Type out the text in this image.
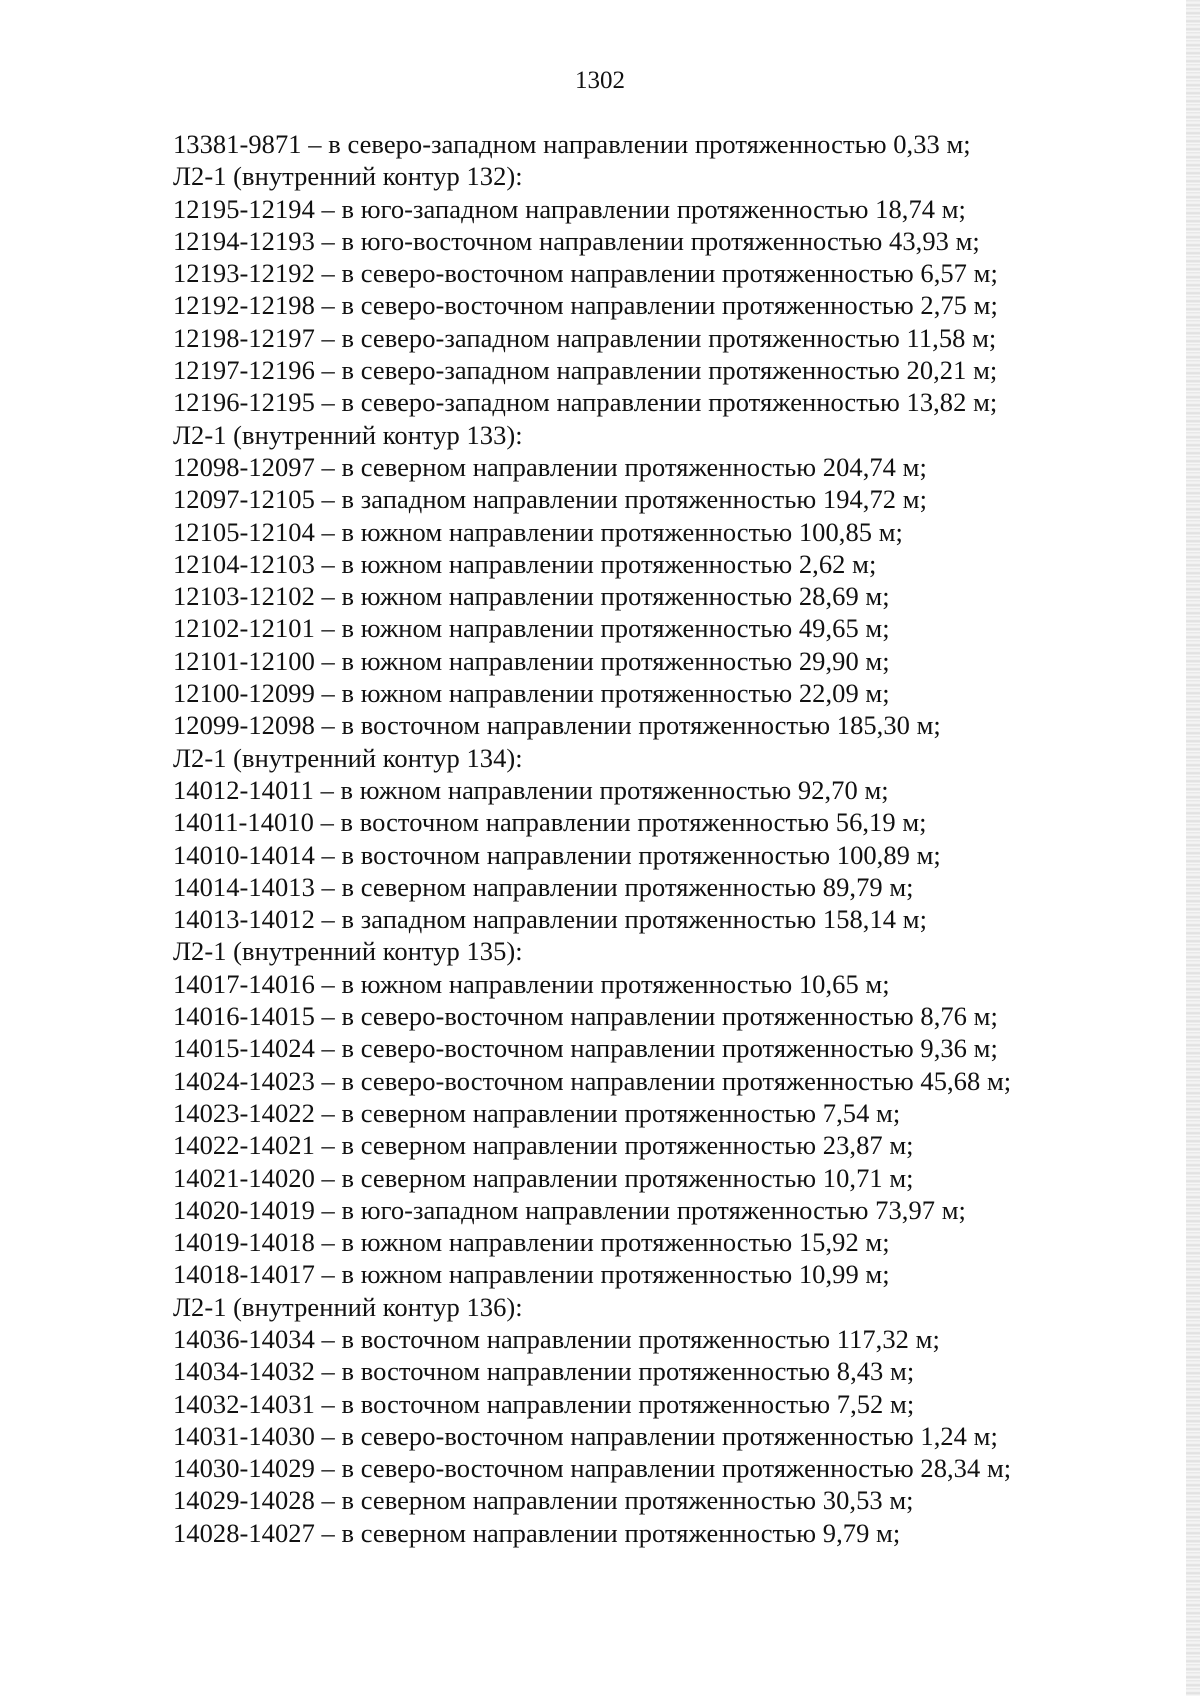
1302
13381-9871 – в северо-западном направлении протяженностью 0,33 м;
Л2-1 (внутренний контур 132):
12195-12194 – в юго-западном направлении протяженностью 18,74 м;
12194-12193 – в юго-восточном направлении протяженностью 43,93 м;
12193-12192 – в северо-восточном направлении протяженностью 6,57 м;
12192-12198 – в северо-восточном направлении протяженностью 2,75 м;
12198-12197 – в северо-западном направлении протяженностью 11,58 м;
12197-12196 – в северо-западном направлении протяженностью 20,21 м;
12196-12195 – в северо-западном направлении протяженностью 13,82 м;
Л2-1 (внутренний контур 133):
12098-12097 – в северном направлении протяженностью 204,74 м;
12097-12105 – в западном направлении протяженностью 194,72 м;
12105-12104 – в южном направлении протяженностью 100,85 м;
12104-12103 – в южном направлении протяженностью 2,62 м;
12103-12102 – в южном направлении протяженностью 28,69 м;
12102-12101 – в южном направлении протяженностью 49,65 м;
12101-12100 – в южном направлении протяженностью 29,90 м;
12100-12099 – в южном направлении протяженностью 22,09 м;
12099-12098 – в восточном направлении протяженностью 185,30 м;
Л2-1 (внутренний контур 134):
14012-14011 – в южном направлении протяженностью 92,70 м;
14011-14010 – в восточном направлении протяженностью 56,19 м;
14010-14014 – в восточном направлении протяженностью 100,89 м;
14014-14013 – в северном направлении протяженностью 89,79 м;
14013-14012 – в западном направлении протяженностью 158,14 м;
Л2-1 (внутренний контур 135):
14017-14016 – в южном направлении протяженностью 10,65 м;
14016-14015 – в северо-восточном направлении протяженностью 8,76 м;
14015-14024 – в северо-восточном направлении протяженностью 9,36 м;
14024-14023 – в северо-восточном направлении протяженностью 45,68 м;
14023-14022 – в северном направлении протяженностью 7,54 м;
14022-14021 – в северном направлении протяженностью 23,87 м;
14021-14020 – в северном направлении протяженностью 10,71 м;
14020-14019 – в юго-западном направлении протяженностью 73,97 м;
14019-14018 – в южном направлении протяженностью 15,92 м;
14018-14017 – в южном направлении протяженностью 10,99 м;
Л2-1 (внутренний контур 136):
14036-14034 – в восточном направлении протяженностью 117,32 м;
14034-14032 – в восточном направлении протяженностью 8,43 м;
14032-14031 – в восточном направлении протяженностью 7,52 м;
14031-14030 – в северо-восточном направлении протяженностью 1,24 м;
14030-14029 – в северо-восточном направлении протяженностью 28,34 м;
14029-14028 – в северном направлении протяженностью 30,53 м;
14028-14027 – в северном направлении протяженностью 9,79 м;
